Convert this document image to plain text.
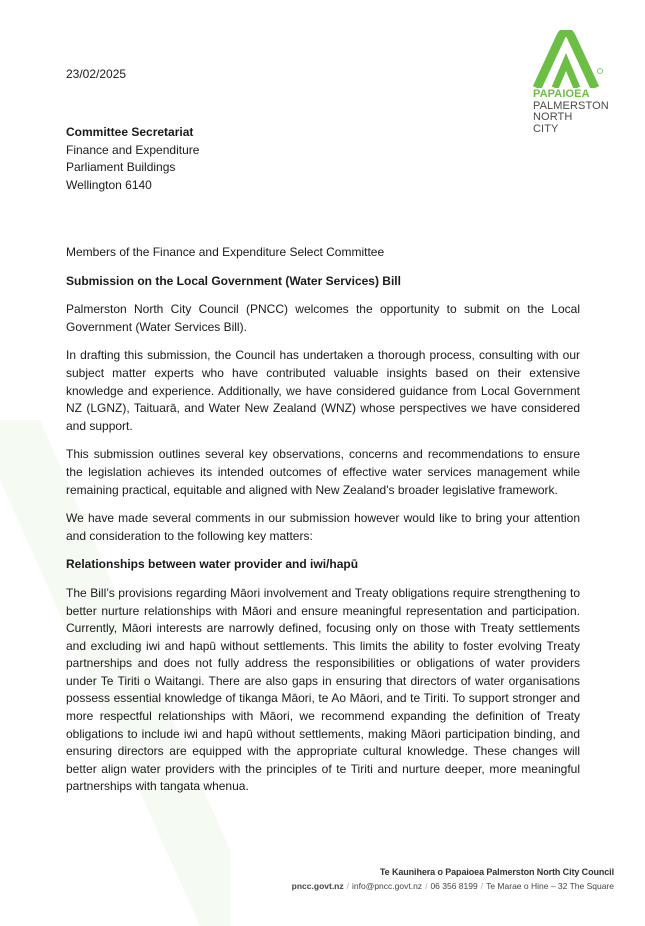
23/02/2025
PAPAIOEA
PALMERSTON
NORTH
CITY
Committee Secretariat
Finance and Expenditure
Parliament Buildings
Wellington 6140

Members of the Finance and Expenditure Select Committee

Submission on the Local Government (Water Services) Bill

Palmerston North City Council (PNCC) welcomes the opportunity to submit on the Local Government (Water Services Bill).

In drafting this submission, the Council has undertaken a thorough process, consulting with our subject matter experts who have contributed valuable insights based on their extensive knowledge and experience. Additionally, we have considered guidance from Local Government NZ (LGNZ), Taituarā, and Water New Zealand (WNZ) whose perspectives we have considered and support.

This submission outlines several key observations, concerns and recommendations to ensure the legislation achieves its intended outcomes of effective water services management while remaining practical, equitable and aligned with New Zealand's broader legislative framework.

We have made several comments in our submission however would like to bring your attention and consideration to the following key matters:

Relationships between water provider and iwi/hapū

The Bill’s provisions regarding Māori involvement and Treaty obligations require strengthening to better nurture relationships with Māori and ensure meaningful representation and participation. Currently, Māori interests are narrowly defined, focusing only on those with Treaty settlements and excluding iwi and hapū without settlements. This limits the ability to foster evolving Treaty partnerships and does not fully address the responsibilities or obligations of water providers under Te Tiriti o Waitangi. There are also gaps in ensuring that directors of water organisations possess essential knowledge of tikanga Māori, te Ao Māori, and te Tiriti. To support stronger and more respectful relationships with Māori, we recommend expanding the definition of Treaty obligations to include iwi and hapū without settlements, making Māori participation binding, and ensuring directors are equipped with the appropriate cultural knowledge. These changes will better align water providers with the principles of te Tiriti and nurture deeper, more meaningful partnerships with tangata whenua.

Te Kaunihera o Papaioea Palmerston North City Council
pncc.govt.nz / info@pncc.govt.nz / 06 356 8199 / Te Marae o Hine – 32 The Square
